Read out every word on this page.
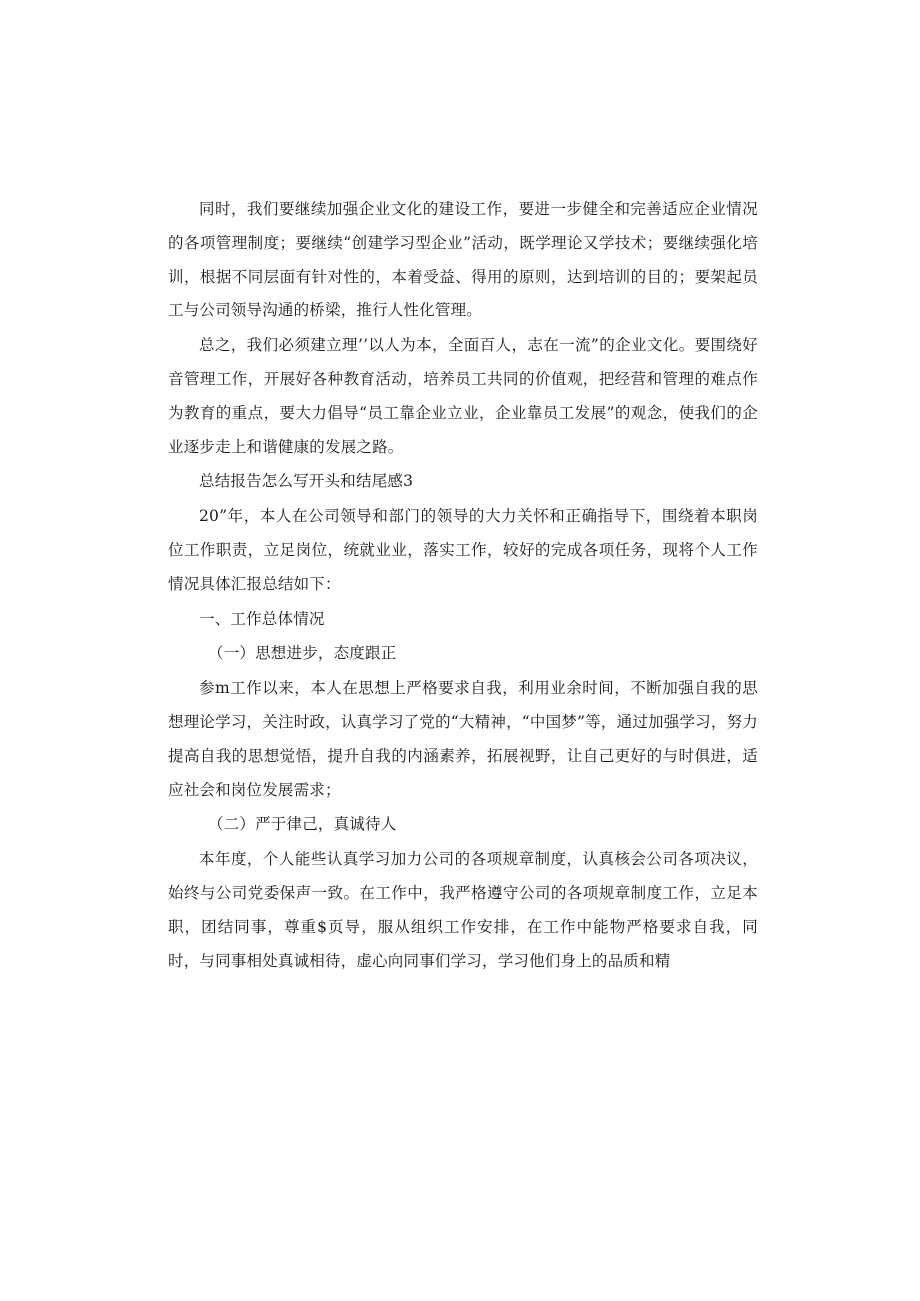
同时，我们要继续加强企业文化的建设工作，要进一步健全和完善适应企业情况的各项管理制度；要继续“创建学习型企业”活动，既学理论又学技术；要继续强化培训，根据不同层面有针对性的，本着受益、得用的原则，达到培训的目的；要架起员工与公司领导沟通的桥梁，推行人性化管理。

总之，我们必须建立理’’以人为本，全面百人，志在一流”的企业文化。要围绕好音管理工作，开展好各种教育活动，培养员工共同的价值观，把经营和管理的难点作为教育的重点，要大力倡导“员工靠企业立业，企业靠员工发展”的观念，使我们的企业逐步走上和谐健康的发展之路。

总结报告怎么写开头和结尾感3

20”年，本人在公司领导和部门的领导的大力关怀和正确指导下，围绕着本职岗位工作职责，立足岗位，统就业业，落实工作，较好的完成各项任务，现将个人工作情况具体汇报总结如下：

一、工作总体情况

（一）思想进步，态度跟正

参m工作以来，本人在思想上严格要求自我，利用业余时间，不断加强自我的思想理论学习，关注时政，认真学习了党的“大精神，“中国梦”等，通过加强学习，努力提高自我的思想觉悟，提升自我的内涵素养，拓展视野，让自己更好的与时俱进，适应社会和岗位发展需求；

（二）严于律己，真诚待人

本年度，个人能些认真学习加力公司的各项规章制度，认真核会公司各项决议，始终与公司党委保声一致。在工作中，我严格遵守公司的各项规章制度工作，立足本职，团结同事，尊重$页导，服从组织工作安排，在工作中能物严格要求自我，同时，与同事相处真诚相待，虚心向同事们学习，学习他们身上的品质和精
